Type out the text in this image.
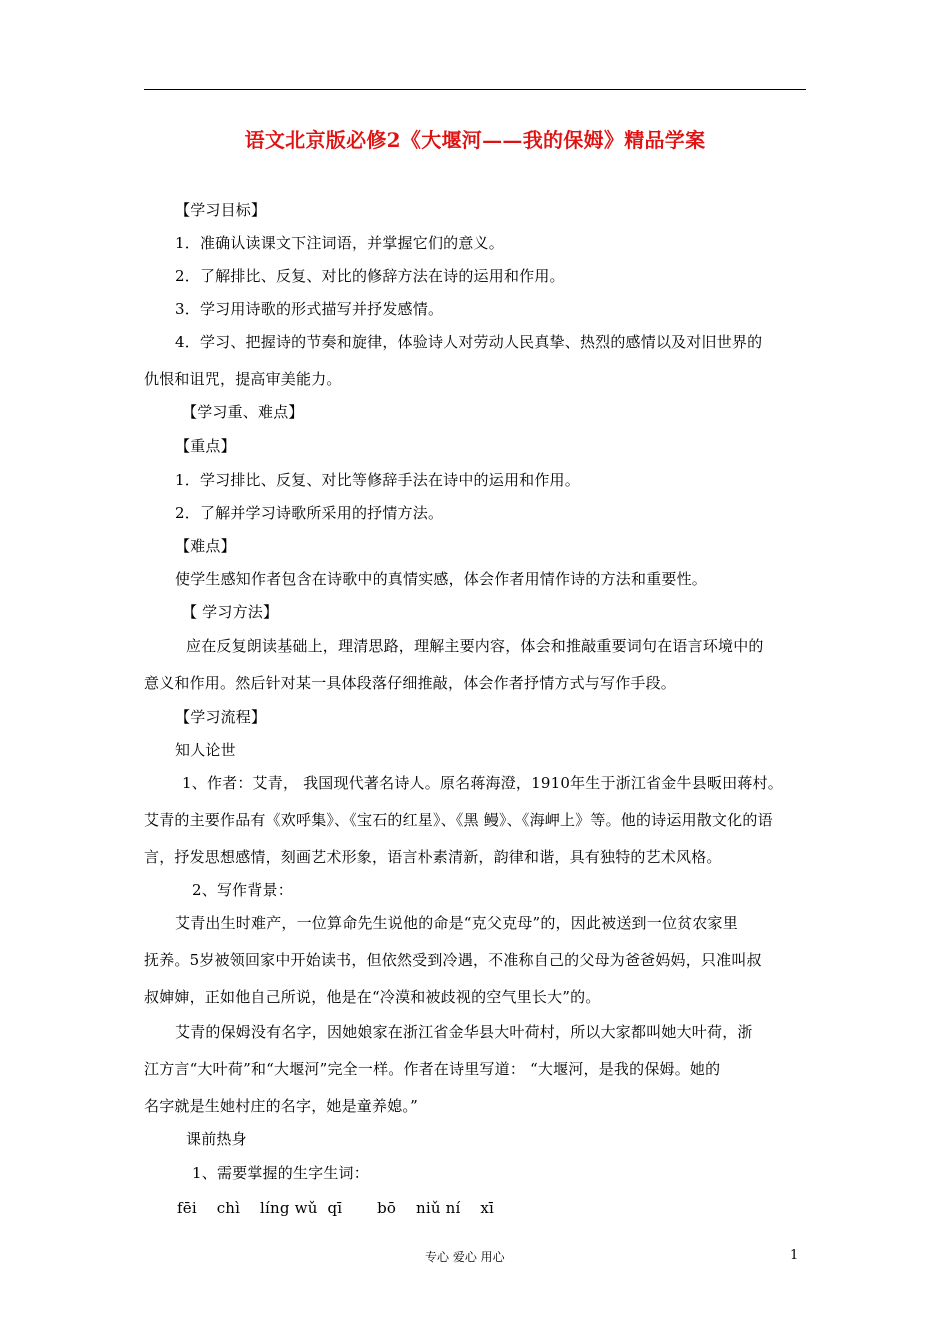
语文北京版必修2《大堰河——我的保姆》精品学案
【学习目标】
1．准确认读课文下注词语，并掌握它们的意义。
2．了解排比、反复、对比的修辞方法在诗的运用和作用。
3．学习用诗歌的形式描写并抒发感情。
4．学习、把握诗的节奏和旋律，体验诗人对劳动人民真挚、热烈的感情以及对旧世界的
仇恨和诅咒，提高审美能力。
【学习重、难点】
【重点】
1．学习排比、反复、对比等修辞手法在诗中的运用和作用。
2．了解并学习诗歌所采用的抒情方法。
【难点】
使学生感知作者包含在诗歌中的真情实感，体会作者用情作诗的方法和重要性。
【 学习方法】
应在反复朗读基础上，理清思路，理解主要内容，体会和推敲重要词句在语言环境中的
意义和作用。然后针对某一具体段落仔细推敲，体会作者抒情方式与写作手段。
【学习流程】
知人论世
1、作者：艾青， 我国现代著名诗人。原名蒋海澄，1910年生于浙江省金牛县畈田蒋村。
艾青的主要作品有《欢呼集》、《宝石的红星》、《黑 鳗》、《海岬上》等。他的诗运用散文化的语
言，抒发思想感情，刻画艺术形象，语言朴素清新，韵律和谐，具有独特的艺术风格。
2、写作背景：
艾青出生时难产，一位算命先生说他的命是“克父克母”的，因此被送到一位贫农家里
抚养。5岁被领回家中开始读书，但依然受到冷遇，不准称自己的父母为爸爸妈妈，只准叫叔
叔婶婶，正如他自己所说，他是在“冷漠和被歧视的空气里长大”的。
艾青的保姆没有名字，因她娘家在浙江省金华县大叶荷村，所以大家都叫她大叶荷，浙
江方言“大叶荷”和“大堰河”完全一样。作者在诗里写道： “大堰河，是我的保姆。她的
名字就是生她村庄的名字，她是童养媳。”
课前热身
1、需要掌握的生字生词：
fēi    chì    líng wǔ  qī       bō    niǔ ní    xī
专心 爱心 用心	1
